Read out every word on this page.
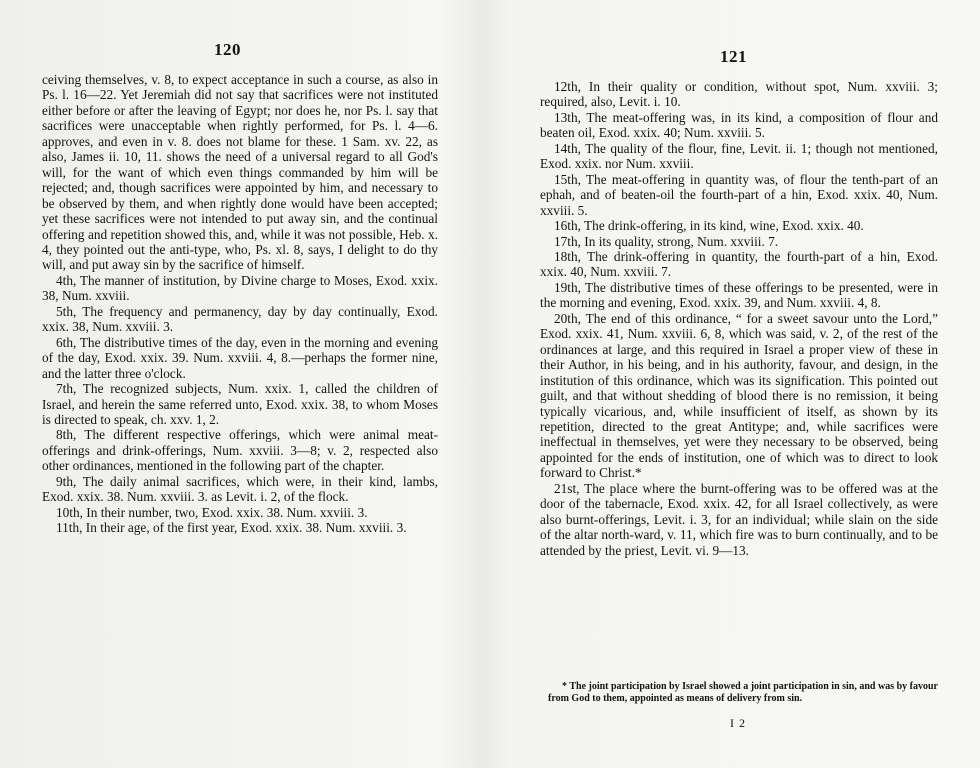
120

ceiving themselves, v. 8, to expect acceptance in such a course, as also in Ps. l. 16—22. Yet Jeremiah did not say that sacrifices were not instituted either before or after the leaving of Egypt; nor does he, nor Ps. l. say that sacrifices were unacceptable when rightly performed, for Ps. l. 4—6. approves, and even in v. 8. does not blame for these. 1 Sam. xv. 22, as also, James ii. 10, 11. shows the need of a universal regard to all God's will, for the want of which even things commanded by him will be rejected; and, though sacrifices were appointed by him, and necessary to be observed by them, and when rightly done would have been accepted; yet these sacrifices were not intended to put away sin, and the continual offering and repetition showed this, and, while it was not possible, Heb. x. 4, they pointed out the anti-type, who, Ps. xl. 8, says, I delight to do thy will, and put away sin by the sacrifice of himself.

4th, The manner of institution, by Divine charge to Moses, Exod. xxix. 38, Num. xxviii.

5th, The frequency and permanency, day by day continually, Exod. xxix. 38, Num. xxviii. 3.

6th, The distributive times of the day, even in the morning and evening of the day, Exod. xxix. 39. Num. xxviii. 4, 8.—perhaps the former nine, and the latter three o'clock.

7th, The recognized subjects, Num. xxix. 1, called the children of Israel, and herein the same referred unto, Exod. xxix. 38, to whom Moses is directed to speak, ch. xxv. 1, 2.

8th, The different respective offerings, which were animal meat-offerings and drink-offerings, Num. xxviii. 3—8; v. 2, respected also other ordinances, mentioned in the following part of the chapter.

9th, The daily animal sacrifices, which were, in their kind, lambs, Exod. xxix. 38. Num. xxviii. 3. as Levit. i. 2, of the flock.

10th, In their number, two, Exod. xxix. 38. Num. xxviii. 3.

11th, In their age, of the first year, Exod. xxix. 38. Num. xxviii. 3.

121

12th, In their quality or condition, without spot, Num. xxviii. 3; required, also, Levit. i. 10.

13th, The meat-offering was, in its kind, a composition of flour and beaten oil, Exod. xxix. 40; Num. xxviii. 5.

14th, The quality of the flour, fine, Levit. ii. 1; though not mentioned, Exod. xxix. nor Num. xxviii.

15th, The meat-offering in quantity was, of flour the tenth-part of an ephah, and of beaten-oil the fourth-part of a hin, Exod. xxix. 40, Num. xxviii. 5.

16th, The drink-offering, in its kind, wine, Exod. xxix. 40.

17th, In its quality, strong, Num. xxviii. 7.

18th, The drink-offering in quantity, the fourth-part of a hin, Exod. xxix. 40, Num. xxviii. 7.

19th, The distributive times of these offerings to be presented, were in the morning and evening, Exod. xxix. 39, and Num. xxviii. 4, 8.

20th, The end of this ordinance, “ for a sweet savour unto the Lord,” Exod. xxix. 41, Num. xxviii. 6, 8, which was said, v. 2, of the rest of the ordinances at large, and this required in Israel a proper view of these in their Author, in his being, and in his authority, favour, and design, in the institution of this ordinance, which was its signification. This pointed out guilt, and that without shedding of blood there is no remission, it being typically vicarious, and, while insufficient of itself, as shown by its repetition, directed to the great Antitype; and, while sacrifices were ineffectual in themselves, yet were they necessary to be observed, being appointed for the ends of institution, one of which was to direct to look forward to Christ.*

21st, The place where the burnt-offering was to be offered was at the door of the tabernacle, Exod. xxix. 42, for all Israel collectively, as were also burnt-offerings, Levit. i. 3, for an individual; while slain on the side of the altar north-ward, v. 11, which fire was to burn continually, and to be attended by the priest, Levit. vi. 9—13.

* The joint participation by Israel showed a joint participation in sin, and was by favour from God to them, appointed as means of delivery from sin.

I 2
